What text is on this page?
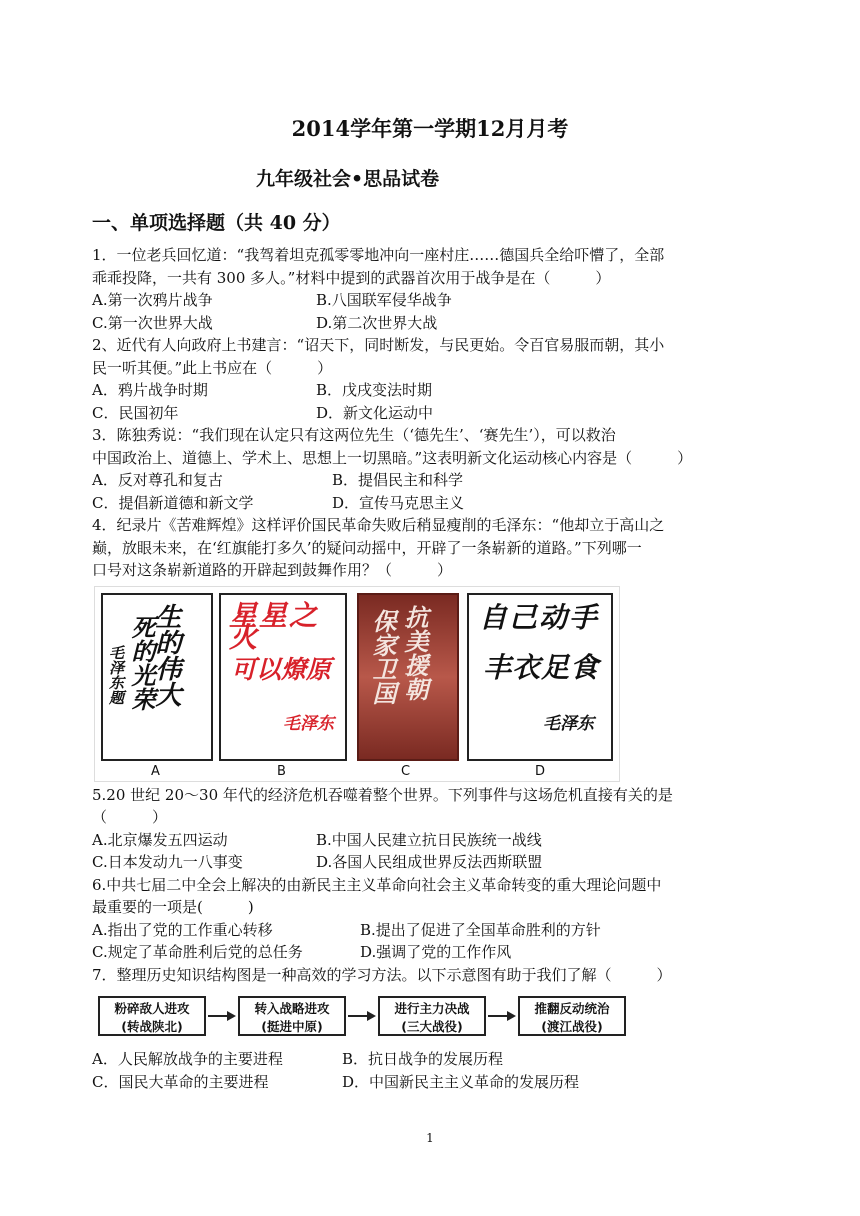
2014学年第一学期12月月考
九年级社会•思品试卷
一、单项选择题（共 40 分）
1．一位老兵回忆道：“我驾着坦克孤零零地冲向一座村庄……德国兵全给吓懵了，全部
乖乖投降，一共有 300 多人。”材料中提到的武器首次用于战争是在（　　　）
A.第一次鸦片战争	B.八国联军侵华战争
C.第一次世界大战	D.第二次世界大战
2、近代有人向政府上书建言：“诏天下，同时断发，与民更始。令百官易服而朝，其小
民一听其便。”此上书应在（　　　）
A．鸦片战争时期	B．戊戌变法时期
C．民国初年	D．新文化运动中
3．陈独秀说：“我们现在认定只有这两位先生（‘德先生’、‘赛先生’），可以救治
中国政治上、道德上、学术上、思想上一切黑暗。”这表明新文化运动核心内容是（　　　）
A．反对尊孔和复古	B．提倡民主和科学
C．提倡新道德和新文学	D．宣传马克思主义
4．纪录片《苦难辉煌》这样评价国民革命失败后稍显瘦削的毛泽东：“他却立于高山之
巅，放眼未来，在‘红旗能打多久’的疑问动摇中，开辟了一条崭新的道路。”下列哪一
口号对这条崭新道路的开辟起到鼓舞作用？（　　　）
生的伟大
死的光荣
毛泽东题
A
星星之火
可以燎原
毛泽东
B
抗美援朝
保家卫国
C
自己动手
丰衣足食
毛泽东
D
5.20 世纪 20～30 年代的经济危机吞噬着整个世界。下列事件与这场危机直接有关的是
（　　　）
A.北京爆发五四运动	B.中国人民建立抗日民族统一战线
C.日本发动九一八事变	D.各国人民组成世界反法西斯联盟
6.中共七届二中全会上解决的由新民主主义革命向社会主义革命转变的重大理论问题中
最重要的一项是(　　　)
A.指出了党的工作重心转移	B.提出了促进了全国革命胜利的方针
C.规定了革命胜利后党的总任务	D.强调了党的工作作风
7．整理历史知识结构图是一种高效的学习方法。以下示意图有助于我们了解（　　　）
粉碎敌人进攻
(转战陕北)
转入战略进攻
(挺进中原)
进行主力决战
(三大战役)
推翻反动统治
(渡江战役)
A．人民解放战争的主要进程	B．抗日战争的发展历程
C．国民大革命的主要进程	D．中国新民主主义革命的发展历程
1
